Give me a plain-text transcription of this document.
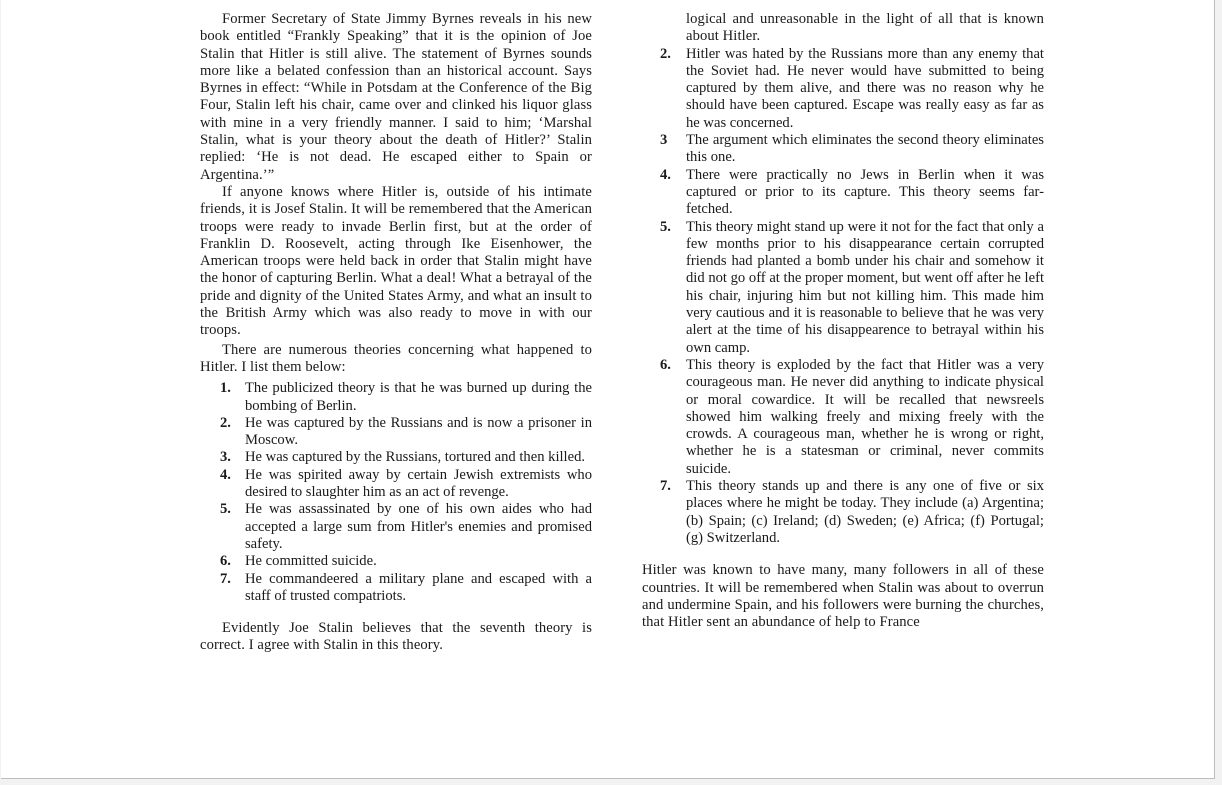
Former Secretary of State Jimmy Byrnes reveals in his new book entitled “Frankly Speaking” that it is the opinion of Joe Stalin that Hitler is still alive. The statement of Byrnes sounds more like a belated confession than an historical account. Says Byrnes in effect: “While in Potsdam at the Conference of the Big Four, Stalin left his chair, came over and clinked his liquor glass with mine in a very friendly manner. I said to him; ‘Marshal Stalin, what is your theory about the death of Hitler?’ Stalin replied: ‘He is not dead. He escaped either to Spain or Argentina.’”

If anyone knows where Hitler is, outside of his intimate friends, it is Josef Stalin. It will be remembered that the American troops were ready to invade Berlin first, but at the order of Franklin D. Roosevelt, acting through Ike Eisenhower, the American troops were held back in order that Stalin might have the honor of capturing Berlin. What a deal! What a betrayal of the pride and dignity of the United States Army, and what an insult to the British Army which was also ready to move in with our troops.

There are numerous theories concerning what happened to Hitler. I list them below:

1. The publicized theory is that he was burned up during the bombing of Berlin.
2. He was captured by the Russians and is now a prisoner in Moscow.
3. He was captured by the Russians, tortured and then killed.
4. He was spirited away by certain Jewish extremists who desired to slaughter him as an act of revenge.
5. He was assassinated by one of his own aides who had accepted a large sum from Hitler's enemies and promised safety.
6. He committed suicide.
7. He commandeered a military plane and escaped with a staff of trusted compatriots.

Evidently Joe Stalin believes that the seventh theory is correct. I agree with Stalin in this theory.

logical and unreasonable in the light of all that is known about Hitler.

2.	Hitler was hated by the Russians more than any enemy that the Soviet had. He never would have submitted to being captured by them alive, and there was no reason why he should have been captured. Escape was really easy as far as he was concerned.
3	The argument which eliminates the second theory eliminates this one.
4.	There were practically no Jews in Berlin when it was captured or prior to its capture. This theory seems far-fetched.
5.	This theory might stand up were it not for the fact that only a few months prior to his disappearance certain corrupted friends had planted a bomb under his chair and somehow it did not go off at the proper moment, but went off after he left his chair, injuring him but not killing him. This made him very cautious and it is reasonable to believe that he was very alert at the time of his disappearence to betrayal within his own camp.
6.	This theory is exploded by the fact that Hitler was a very courageous man. He never did anything to indicate physical or moral cowardice. It will be recalled that newsreels showed him walking freely and mixing freely with the crowds. A courageous man, whether he is wrong or right, whether he is a statesman or criminal, never commits suicide.
7.	This theory stands up and there is any one of five or six places where he might be today. They include (a) Argentina; (b) Spain; (c) Ireland; (d) Sweden; (e) Africa; (f) Portugal; (g) Switzerland.

Hitler was known to have many, many followers in all of these countries. It will be remembered when Stalin was about to overrun and undermine Spain, and his followers were burning the churches, that Hitler sent an abundance of help to France
